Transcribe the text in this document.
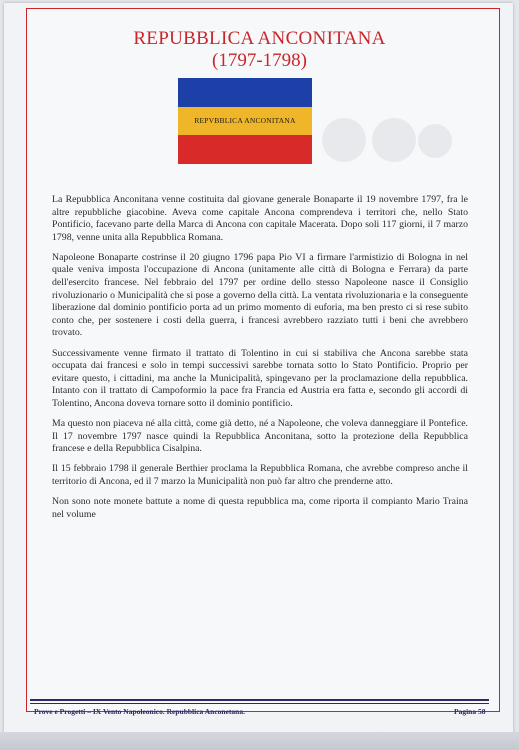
REPUBBLICA ANCONITANA
(1797-1798)
REPVBBLICA ANCONITANA

La Repubblica Anconitana venne costituita dal giovane generale Bonaparte il 19 novembre 1797, fra le altre repubbliche giacobine. Aveva come capitale Ancona comprendeva i territori che, nello Stato Pontificio, facevano parte della Marca di Ancona con capitale Macerata. Dopo soli 117 giorni, il 7 marzo 1798, venne unita alla Repubblica Romana.

Napoleone Bonaparte costrinse il 20 giugno 1796 papa Pio VI a firmare l'armistizio di Bologna in nel quale veniva imposta l'occupazione di Ancona (unitamente alle città di Bologna e Ferrara) da parte dell'esercito francese. Nel febbraio del 1797 per ordine dello stesso Napoleone nasce il Consiglio rivoluzionario o Municipalità che si pose a governo della città. La ventata rivoluzionaria e la conseguente liberazione dal dominio pontificio porta ad un primo momento di euforia, ma ben presto ci si rese subito conto che, per sostenere i costi della guerra, i francesi avrebbero razziato tutti i beni che avrebbero trovato.

Successivamente venne firmato il trattato di Tolentino in cui si stabiliva che Ancona sarebbe stata occupata dai francesi e solo in tempi successivi sarebbe tornata sotto lo Stato Pontificio. Proprio per evitare questo, i cittadini, ma anche la Municipalità, spingevano per la proclamazione della repubblica. Intanto con il trattato di Campoformio la pace fra Francia ed Austria era fatta e, secondo gli accordi di Tolentino, Ancona doveva tornare sotto il dominio pontificio.

Ma questo non piaceva né alla città, come già detto, né a Napoleone, che voleva danneggiare il Pontefice. Il 17 novembre 1797 nasce quindi la Repubblica Anconitana, sotto la protezione della Repubblica francese e della Repubblica Cisalpina.

Il 15 febbraio 1798 il generale Berthier proclama la Repubblica Romana, che avrebbe compreso anche il territorio di Ancona, ed il 7 marzo la Municipalità non può far altro che prenderne atto.

Non sono note monete battute a nome di questa repubblica ma, come riporta il compianto Mario Traina nel volume

Prove e Progetti – IX Vento Napoleonico. Repubblica Anconetana.	Pagina 58
